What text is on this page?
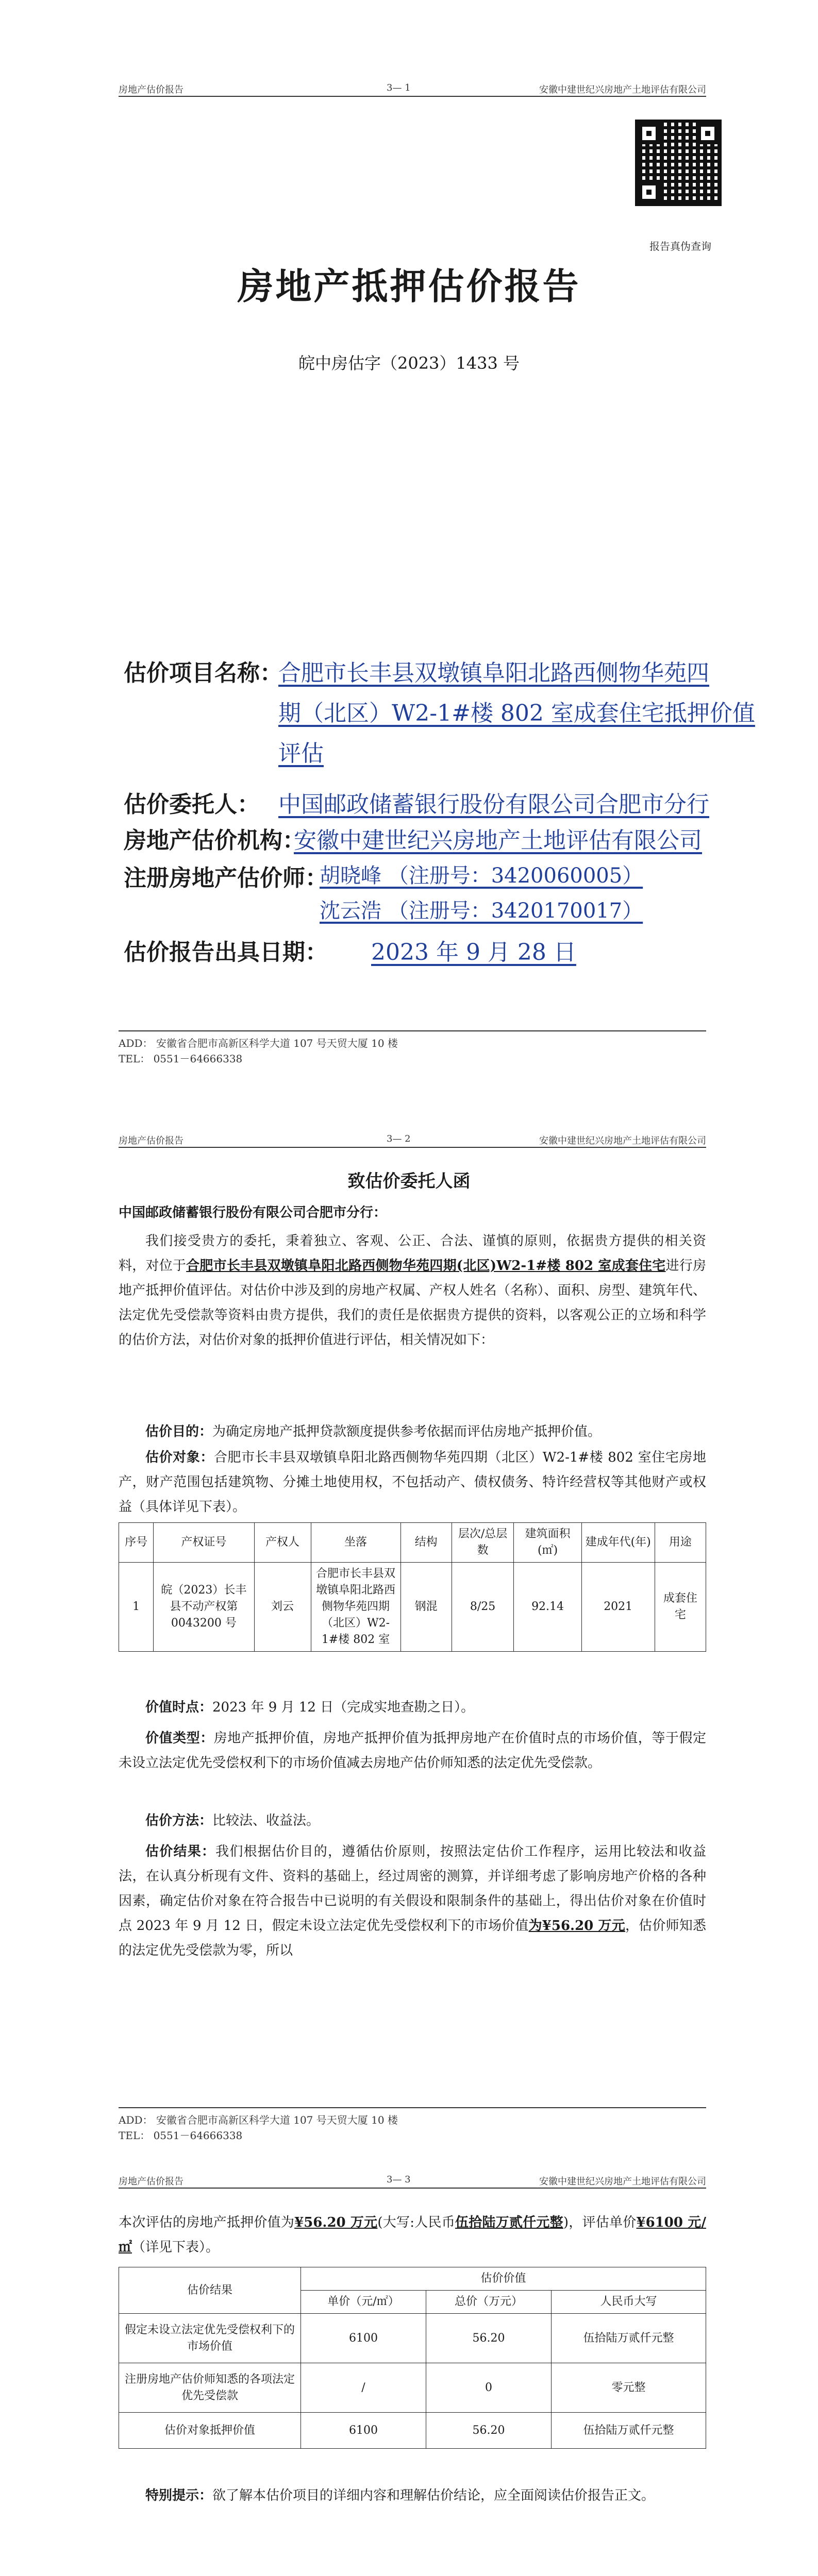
房地产估价报告	3— 1	安徽中建世纪兴房地产土地评估有限公司
报告真伪查询
房地产抵押估价报告
皖中房估字（2023）1433 号
估价项目名称：
合肥市长丰县双墩镇阜阳北路西侧物华苑四
期（北区）W2-1#楼 802 室成套住宅抵押价值
评估
估价委托人： 中国邮政储蓄银行股份有限公司合肥市分行
房地产估价机构：
安徽中建世纪兴房地产土地评估有限公司
注册房地产估价师：
胡晓峰 （注册号：3420060005）
沈云浩 （注册号：3420170017）
估价报告出具日期： 2023 年 9 月 28 日
ADD： 安徽省合肥市高新区科学大道 107 号天贸大厦 10 楼
TEL： 0551－64666338
房地产估价报告	3— 2	安徽中建世纪兴房地产土地评估有限公司
致估价委托人函
中国邮政储蓄银行股份有限公司合肥市分行：
我们接受贵方的委托，秉着独立、客观、公正、合法、谨慎的原则，依据贵方提供的相关资料，对位于合肥市长丰县双墩镇阜阳北路西侧物华苑四期(北区)W2-1#楼 802 室成套住宅进行房地产抵押价值评估。对估价中涉及到的房地产权属、产权人姓名（名称）、面积、房型、建筑年代、法定优先受偿款等资料由贵方提供，我们的责任是依据贵方提供的资料，以客观公正的立场和科学的估价方法，对估价对象的抵押价值进行评估，相关情况如下：
估价目的：为确定房地产抵押贷款额度提供参考依据而评估房地产抵押价值。
估价对象：合肥市长丰县双墩镇阜阳北路西侧物华苑四期（北区）W2-1#楼 802 室住宅房地产，财产范围包括建筑物、分摊土地使用权，不包括动产、债权债务、特许经营权等其他财产或权益（具体详见下表）。
序号	产权证号	产权人	坐落	结构	层次/总层数	建筑面积(㎡)	建成年代(年)	用途
1	皖（2023）长丰县不动产权第 0043200 号	刘云	合肥市长丰县双墩镇阜阳北路西侧物华苑四期（北区）W2-1#楼 802 室	钢混	8/25	92.14	2021	成套住宅
价值时点：2023 年 9 月 12 日（完成实地查勘之日）。
价值类型：房地产抵押价值，房地产抵押价值为抵押房地产在价值时点的市场价值，等于假定未设立法定优先受偿权利下的市场价值减去房地产估价师知悉的法定优先受偿款。
估价方法：比较法、收益法。
估价结果：我们根据估价目的，遵循估价原则，按照法定估价工作程序，运用比较法和收益法，在认真分析现有文件、资料的基础上，经过周密的测算，并详细考虑了影响房地产价格的各种因素，确定估价对象在符合报告中已说明的有关假设和限制条件的基础上，得出估价对象在价值时点 2023 年 9 月 12 日，假定未设立法定优先受偿权利下的市场价值为¥56.20 万元，估价师知悉的法定优先受偿款为零，所以
ADD： 安徽省合肥市高新区科学大道 107 号天贸大厦 10 楼
TEL： 0551－64666338
房地产估价报告	3— 3	安徽中建世纪兴房地产土地评估有限公司
本次评估的房地产抵押价值为¥56.20 万元(大写:人民币伍拾陆万贰仟元整)，评估单价¥6100 元/㎡（详见下表）。
估价结果	估价价值		
	单价（元/㎡）	总价（万元）	人民币大写
假定未设立法定优先受偿权利下的市场价值	6100	56.20	伍拾陆万贰仟元整
注册房地产估价师知悉的各项法定优先受偿款	/	0	零元整
估价对象抵押价值	6100	56.20	伍拾陆万贰仟元整
特别提示：欲了解本估价项目的详细内容和理解估价结论，应全面阅读估价报告正文。
